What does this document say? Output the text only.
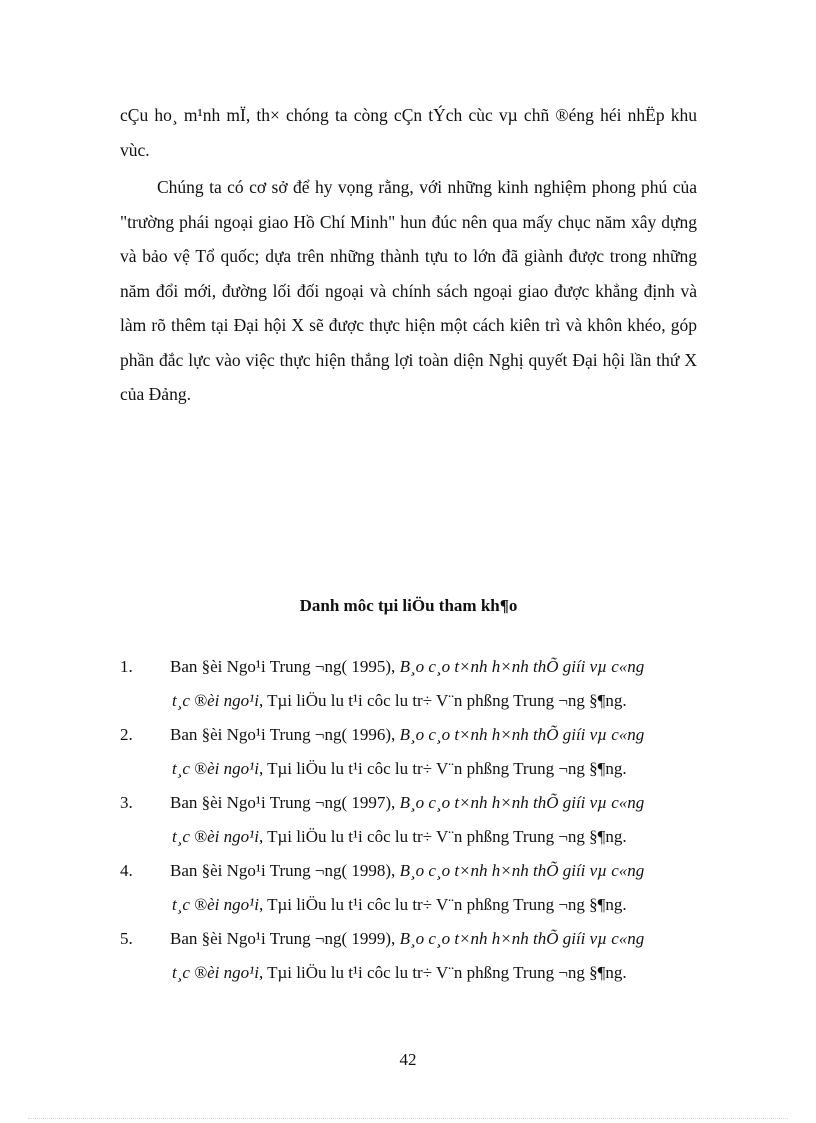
cÇu ho¸ m¹nh mÏ, th× chóng ta còng cÇn tÝch cùc vµ chñ ®éng héi nhËp khu vùc.

Chúng ta có cơ sở để hy vọng rằng, với những kinh nghiệm phong phú của "trường phái ngoại giao Hồ Chí Minh" hun đúc nên qua mấy chục năm xây dựng và bảo vệ Tổ quốc; dựa trên những thành tựu to lớn đã giành được trong những năm đổi mới, đường lối đối ngoại và chính sách ngoại giao được khẳng định và làm rõ thêm tại Đại hội X sẽ được thực hiện một cách kiên trì và khôn khéo, góp phần đắc lực vào việc thực hiện thắng lợi toàn diện Nghị quyết Đại hội lần thứ X của Đảng.

Danh môc tµi liÖu tham kh¶o
1. Ban §èi Ngo¹i Trung ¬ng( 1995), B¸o c¸o t×nh h×nh thÕ giíi vµ c«ng
t¸c ®èi ngo¹i, Tµi liÖu lu t¹i côc lu tr÷ V¨n phßng Trung ¬ng §¶ng.
2. Ban §èi Ngo¹i Trung ¬ng( 1996), B¸o c¸o t×nh h×nh thÕ giíi vµ c«ng
t¸c ®èi ngo¹i, Tµi liÖu lu t¹i côc lu tr÷ V¨n phßng Trung ¬ng §¶ng.
3. Ban §èi Ngo¹i Trung ¬ng( 1997), B¸o c¸o t×nh h×nh thÕ giíi vµ c«ng
t¸c ®èi ngo¹i, Tµi liÖu lu t¹i côc lu tr÷ V¨n phßng Trung ¬ng §¶ng.
4. Ban §èi Ngo¹i Trung ¬ng( 1998), B¸o c¸o t×nh h×nh thÕ giíi vµ c«ng
t¸c ®èi ngo¹i, Tµi liÖu lu t¹i côc lu tr÷ V¨n phßng Trung ¬ng §¶ng.
5. Ban §èi Ngo¹i Trung ¬ng( 1999), B¸o c¸o t×nh h×nh thÕ giíi vµ c«ng
t¸c ®èi ngo¹i, Tµi liÖu lu t¹i côc lu tr÷ V¨n phßng Trung ¬ng §¶ng.
42
